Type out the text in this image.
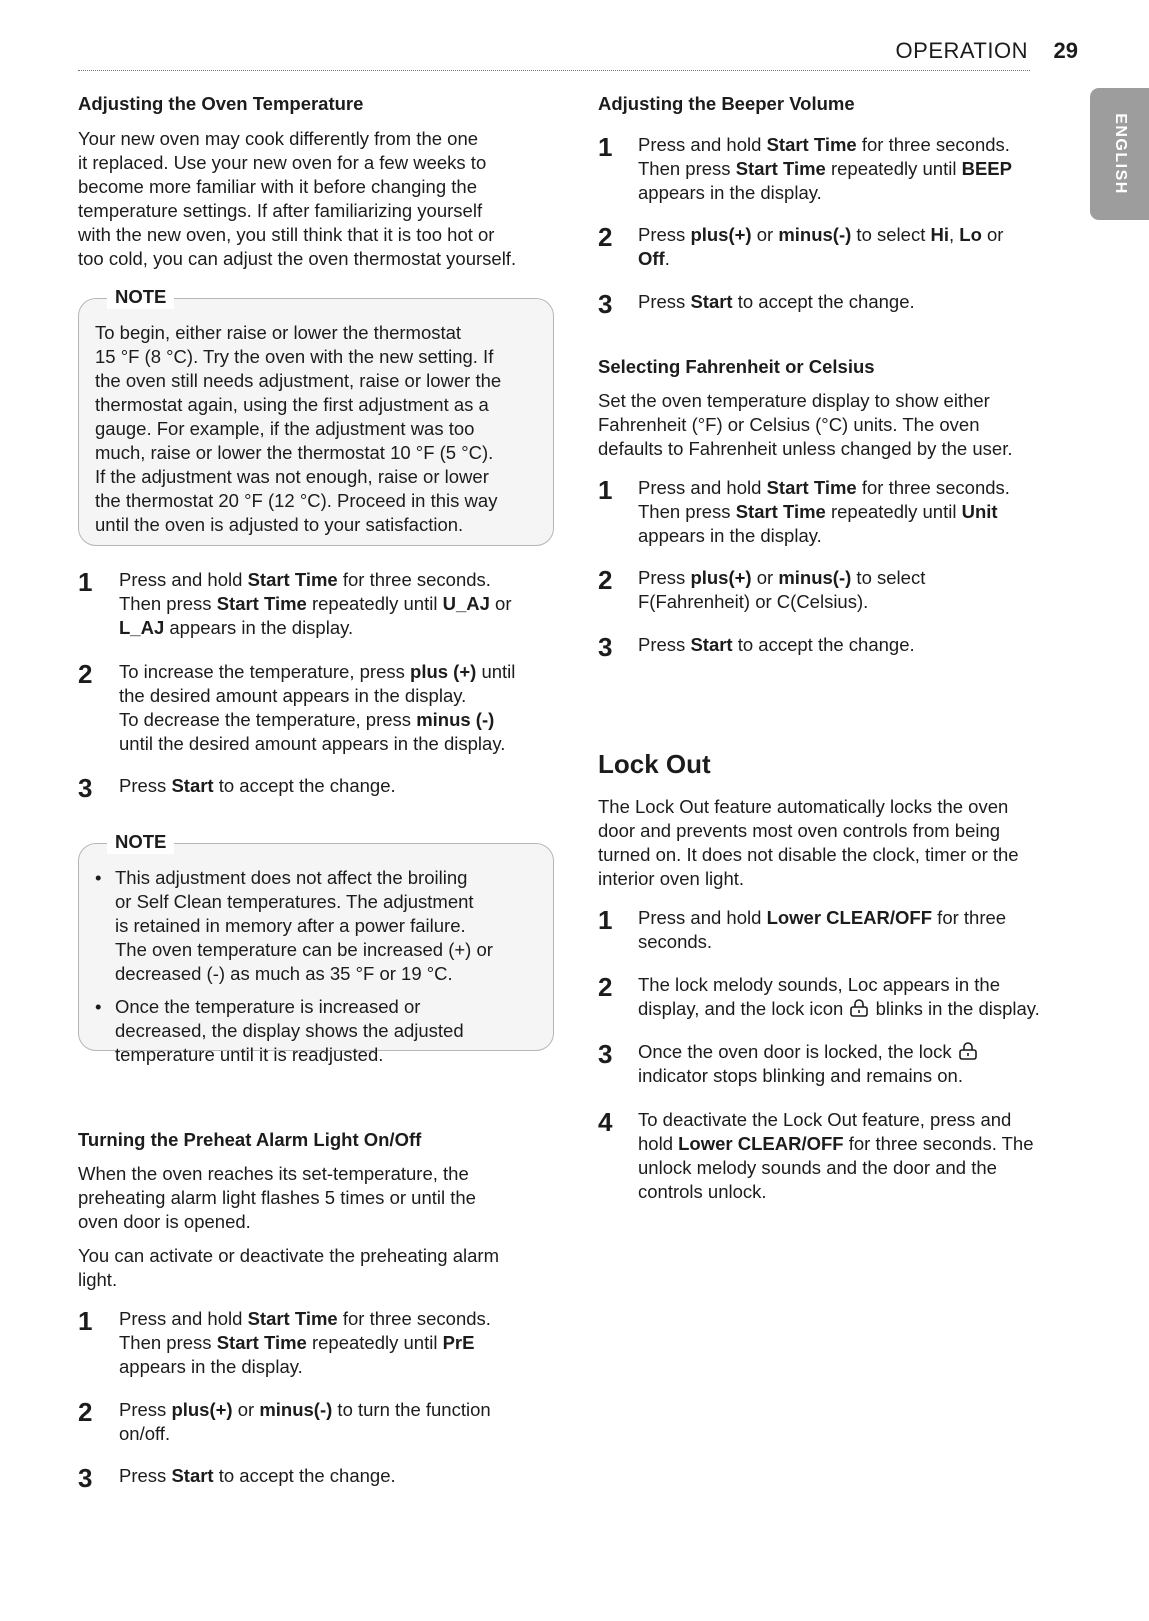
OPERATION 29
ENGLISH
Adjusting the Oven Temperature

Your new oven may cook differently from the one
it replaced. Use your new oven for a few weeks to
become more familiar with it before changing the
temperature settings. If after familiarizing yourself
with the new oven, you still think that it is too hot or
too cold, you can adjust the oven thermostat yourself.

NOTE

To begin, either raise or lower the thermostat
15 °F (8 °C). Try the oven with the new setting. If
the oven still needs adjustment, raise or lower the
thermostat again, using the first adjustment as a
gauge. For example, if the adjustment was too
much, raise or lower the thermostat 10 °F (5 °C).
If the adjustment was not enough, raise or lower
the thermostat 20 °F (12 °C). Proceed in this way
until the oven is adjusted to your satisfaction.

1	Press and hold Start Time for three seconds.
Then press Start Time repeatedly until U_AJ or
L_AJ appears in the display.
2	To increase the temperature, press plus (+) until
the desired amount appears in the display.
To decrease the temperature, press minus (-)
until the desired amount appears in the display.
3	Press Start to accept the change.
NOTE
• This adjustment does not affect the broiling
or Self Clean temperatures. The adjustment
is retained in memory after a power failure.
The oven temperature can be increased (+) or
decreased (-) as much as 35 °F or 19 °C.
• Once the temperature is increased or
decreased, the display shows the adjusted
temperature until it is readjusted.
Turning the Preheat Alarm Light On/Off

When the oven reaches its set-temperature, the
preheating alarm light flashes 5 times or until the
oven door is opened.

You can activate or deactivate the preheating alarm
light.

1	Press and hold Start Time for three seconds.
Then press Start Time repeatedly until PrE
appears in the display.
2	Press plus(+) or minus(-) to turn the function
on/off.
3	Press Start to accept the change.
Adjusting the Beeper Volume
1	Press and hold Start Time for three seconds.
Then press Start Time repeatedly until BEEP
appears in the display.
2	Press plus(+) or minus(-) to select Hi, Lo or
Off.
3	Press Start to accept the change.
Selecting Fahrenheit or Celsius

Set the oven temperature display to show either
Fahrenheit (°F) or Celsius (°C) units. The oven
defaults to Fahrenheit unless changed by the user.

1	Press and hold Start Time for three seconds.
Then press Start Time repeatedly until Unit
appears in the display.
2	Press plus(+) or minus(-) to select
F(Fahrenheit) or C(Celsius).
3	Press Start to accept the change.
Lock Out

The Lock Out feature automatically locks the oven
door and prevents most oven controls from being
turned on. It does not disable the clock, timer or the
interior oven light.

1	Press and hold Lower CLEAR/OFF for three
seconds.
2	The lock melody sounds, Loc appears in the
display, and the lock icon  blinks in the display.
3	Once the oven door is locked, the lock
indicator stops blinking and remains on.
4	To deactivate the Lock Out feature, press and
hold Lower CLEAR/OFF for three seconds. The
unlock melody sounds and the door and the
controls unlock.
